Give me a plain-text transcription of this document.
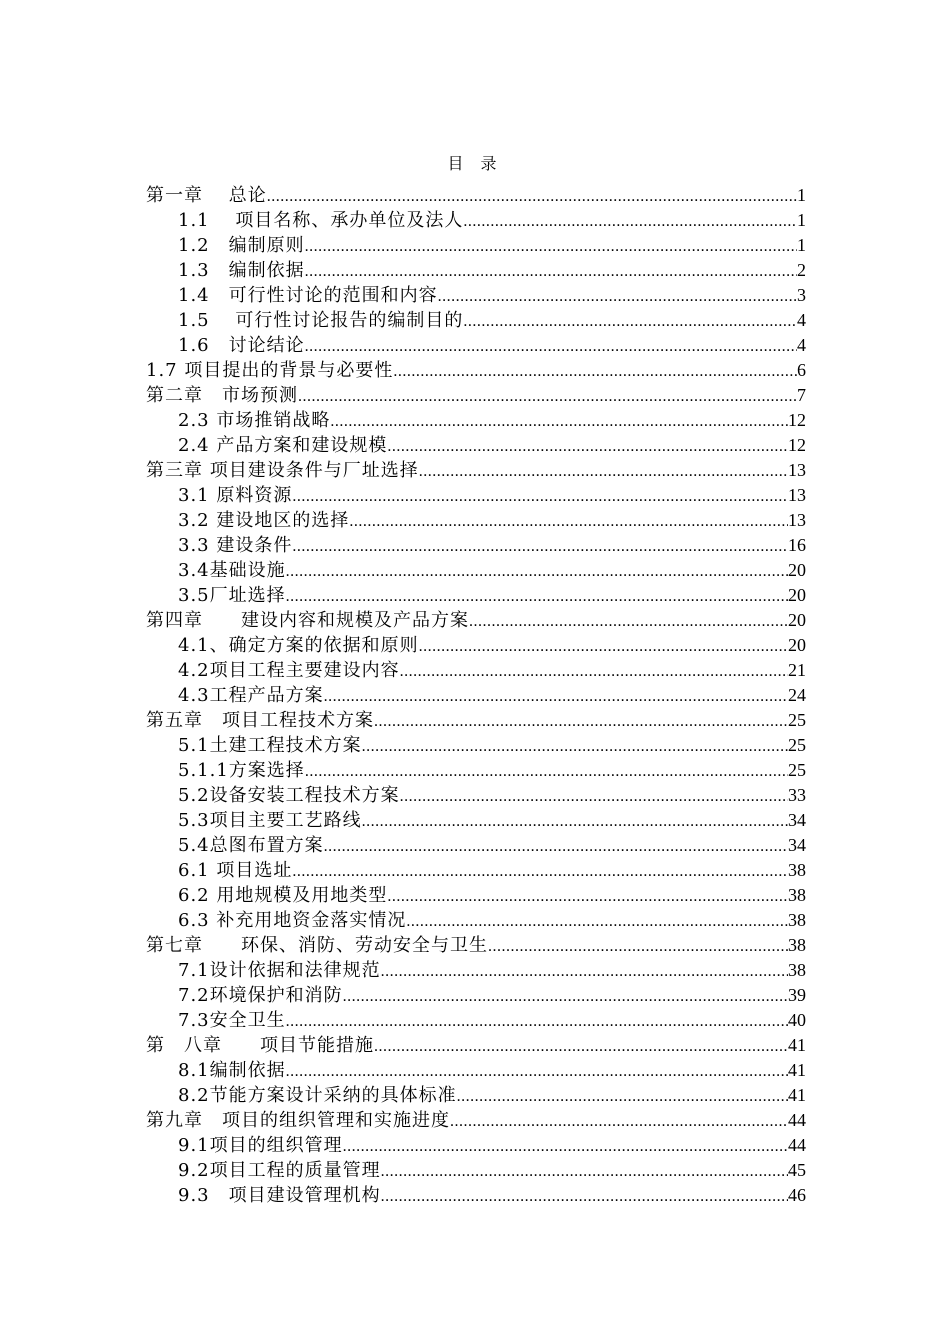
目 录
第一章　 总论 .....	1
1.1　 项目名称、承办单位及法人 .....	1
1.2　编制原则 .....	1
1.3　编制依据 .....	2
1.4　可行性讨论的范围和内容 .....	3
1.5　 可行性讨论报告的编制目的 .....	4
1.6　讨论结论 .....	4
1.7 项目提出的背景与必要性 .....	6
第二章　市场预测 .....	7
2.3 市场推销战略 .....	12
2.4 产品方案和建设规模 .....	12
第三章 项目建设条件与厂址选择 .....	13
3.1 原料资源 .....	13
3.2 建设地区的选择 .....	13
3.3 建设条件 .....	16
3.4基础设施 .....	20
3.5厂址选择 .....	20
第四章　　建设内容和规模及产品方案 .....	20
4.1、确定方案的依据和原则 .....	20
4.2项目工程主要建设内容 .....	21
4.3工程产品方案 .....	24
第五章　项目工程技术方案 .....	25
5.1土建工程技术方案 .....	25
5.1.1方案选择 .....	25
5.2设备安装工程技术方案 .....	33
5.3项目主要工艺路线 .....	34
5.4总图布置方案 .....	34
6.1 项目选址 .....	38
6.2 用地规模及用地类型 .....	38
6.3 补充用地资金落实情况 .....	38
第七章　　环保、消防、劳动安全与卫生 .....	38
7.1设计依据和法律规范 .....	38
7.2环境保护和消防 .....	39
7.3安全卫生 .....	40
第　八章　　项目节能措施 .....	41
8.1编制依据 .....	41
8.2节能方案设计采纳的具体标准 .....	41
第九章　项目的组织管理和实施进度 .....	44
9.1项目的组织管理 .....	44
9.2项目工程的质量管理 .....	45
9.3　项目建设管理机构 .....	46
